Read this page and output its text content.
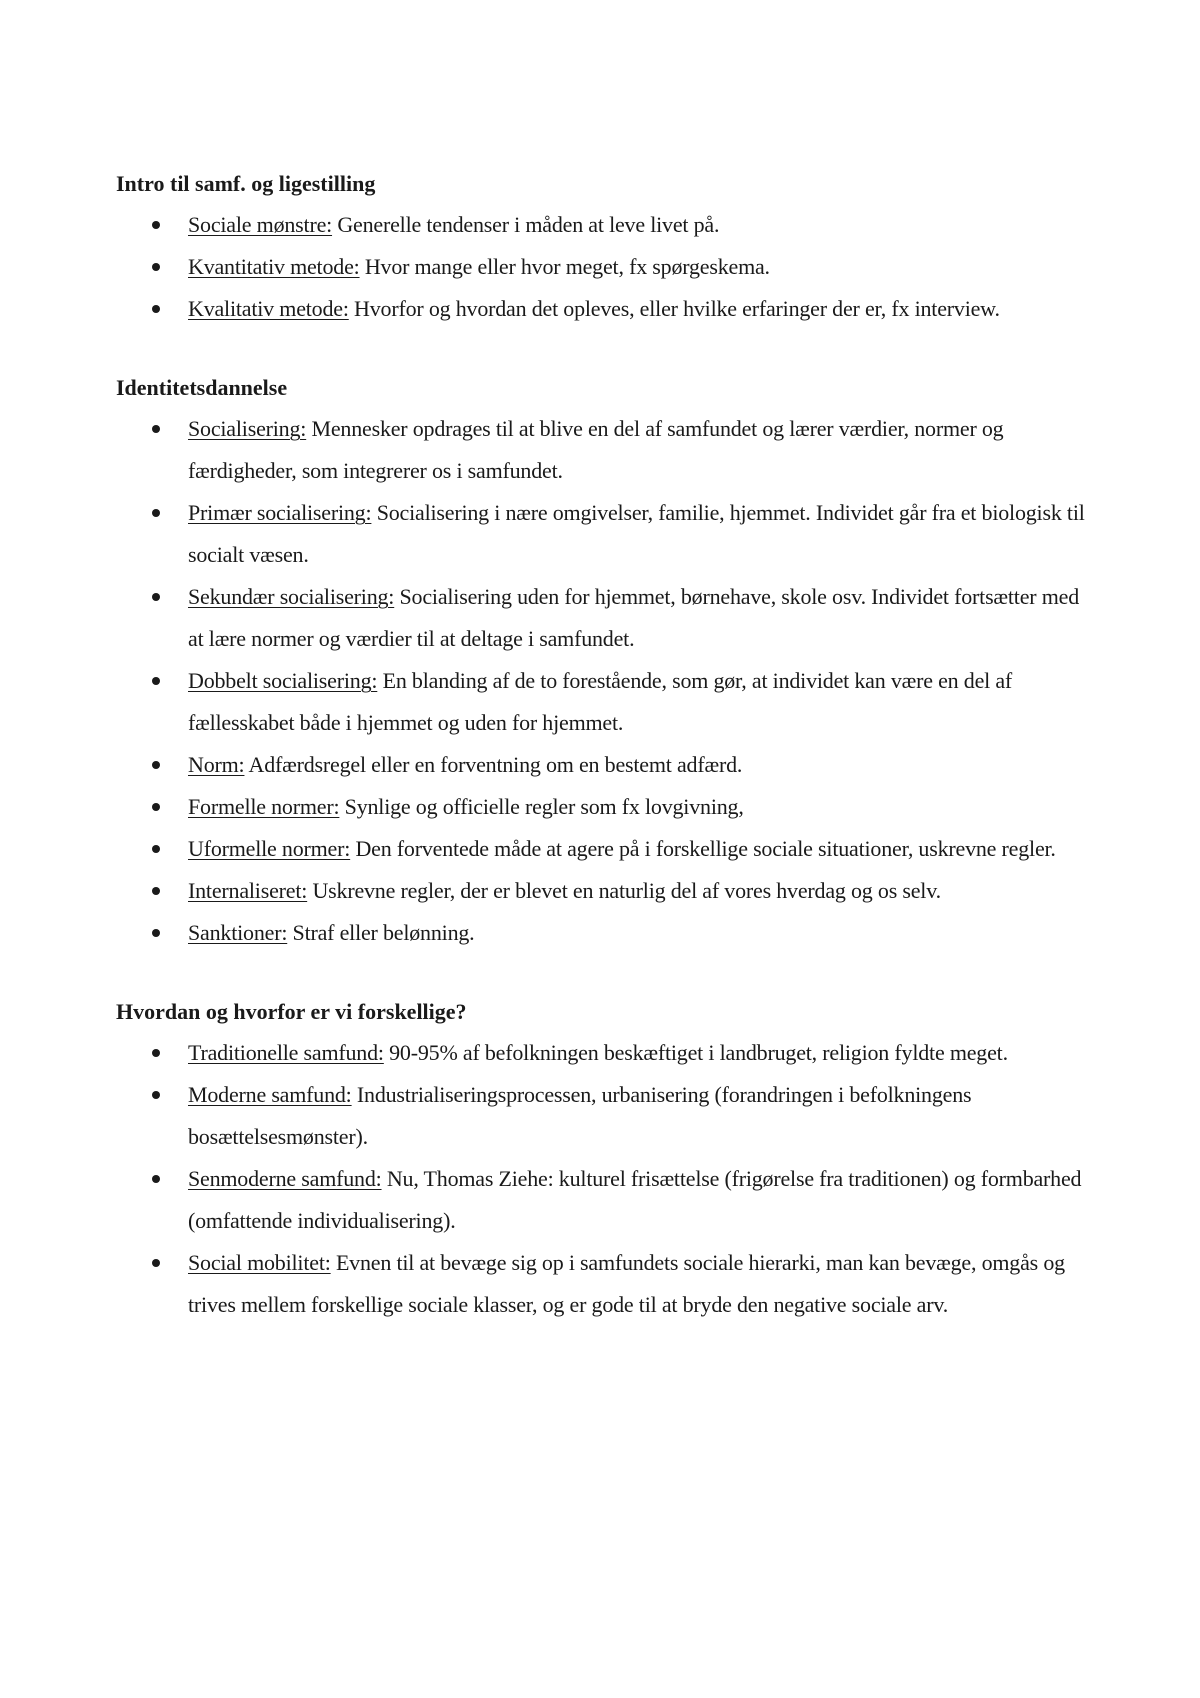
Intro til samf. og ligestilling
Sociale mønstre: Generelle tendenser i måden at leve livet på.
Kvantitativ metode: Hvor mange eller hvor meget, fx spørgeskema.
Kvalitativ metode: Hvorfor og hvordan det opleves, eller hvilke erfaringer der er, fx interview.
Identitetsdannelse
Socialisering: Mennesker opdrages til at blive en del af samfundet og lærer værdier, normer og færdigheder, som integrerer os i samfundet.
Primær socialisering: Socialisering i nære omgivelser, familie, hjemmet. Individet går fra et biologisk til socialt væsen.
Sekundær socialisering: Socialisering uden for hjemmet, børnehave, skole osv. Individet fortsætter med at lære normer og værdier til at deltage i samfundet.
Dobbelt socialisering: En blanding af de to forestående, som gør, at individet kan være en del af fællesskabet både i hjemmet og uden for hjemmet.
Norm: Adfærdsregel eller en forventning om en bestemt adfærd.
Formelle normer: Synlige og officielle regler som fx lovgivning,
Uformelle normer: Den forventede måde at agere på i forskellige sociale situationer, uskrevne regler.
Internaliseret: Uskrevne regler, der er blevet en naturlig del af vores hverdag og os selv.
Sanktioner: Straf eller belønning.
Hvordan og hvorfor er vi forskellige?
Traditionelle samfund: 90-95% af befolkningen beskæftiget i landbruget, religion fyldte meget.
Moderne samfund: Industrialiseringsprocessen, urbanisering (forandringen i befolkningens bosættelsesmønster).
Senmoderne samfund: Nu, Thomas Ziehe: kulturel frisættelse (frigørelse fra traditionen) og formbarhed (omfattende individualisering).
Social mobilitet: Evnen til at bevæge sig op i samfundets sociale hierarki, man kan bevæge, omgås og trives mellem forskellige sociale klasser, og er gode til at bryde den negative sociale arv.
